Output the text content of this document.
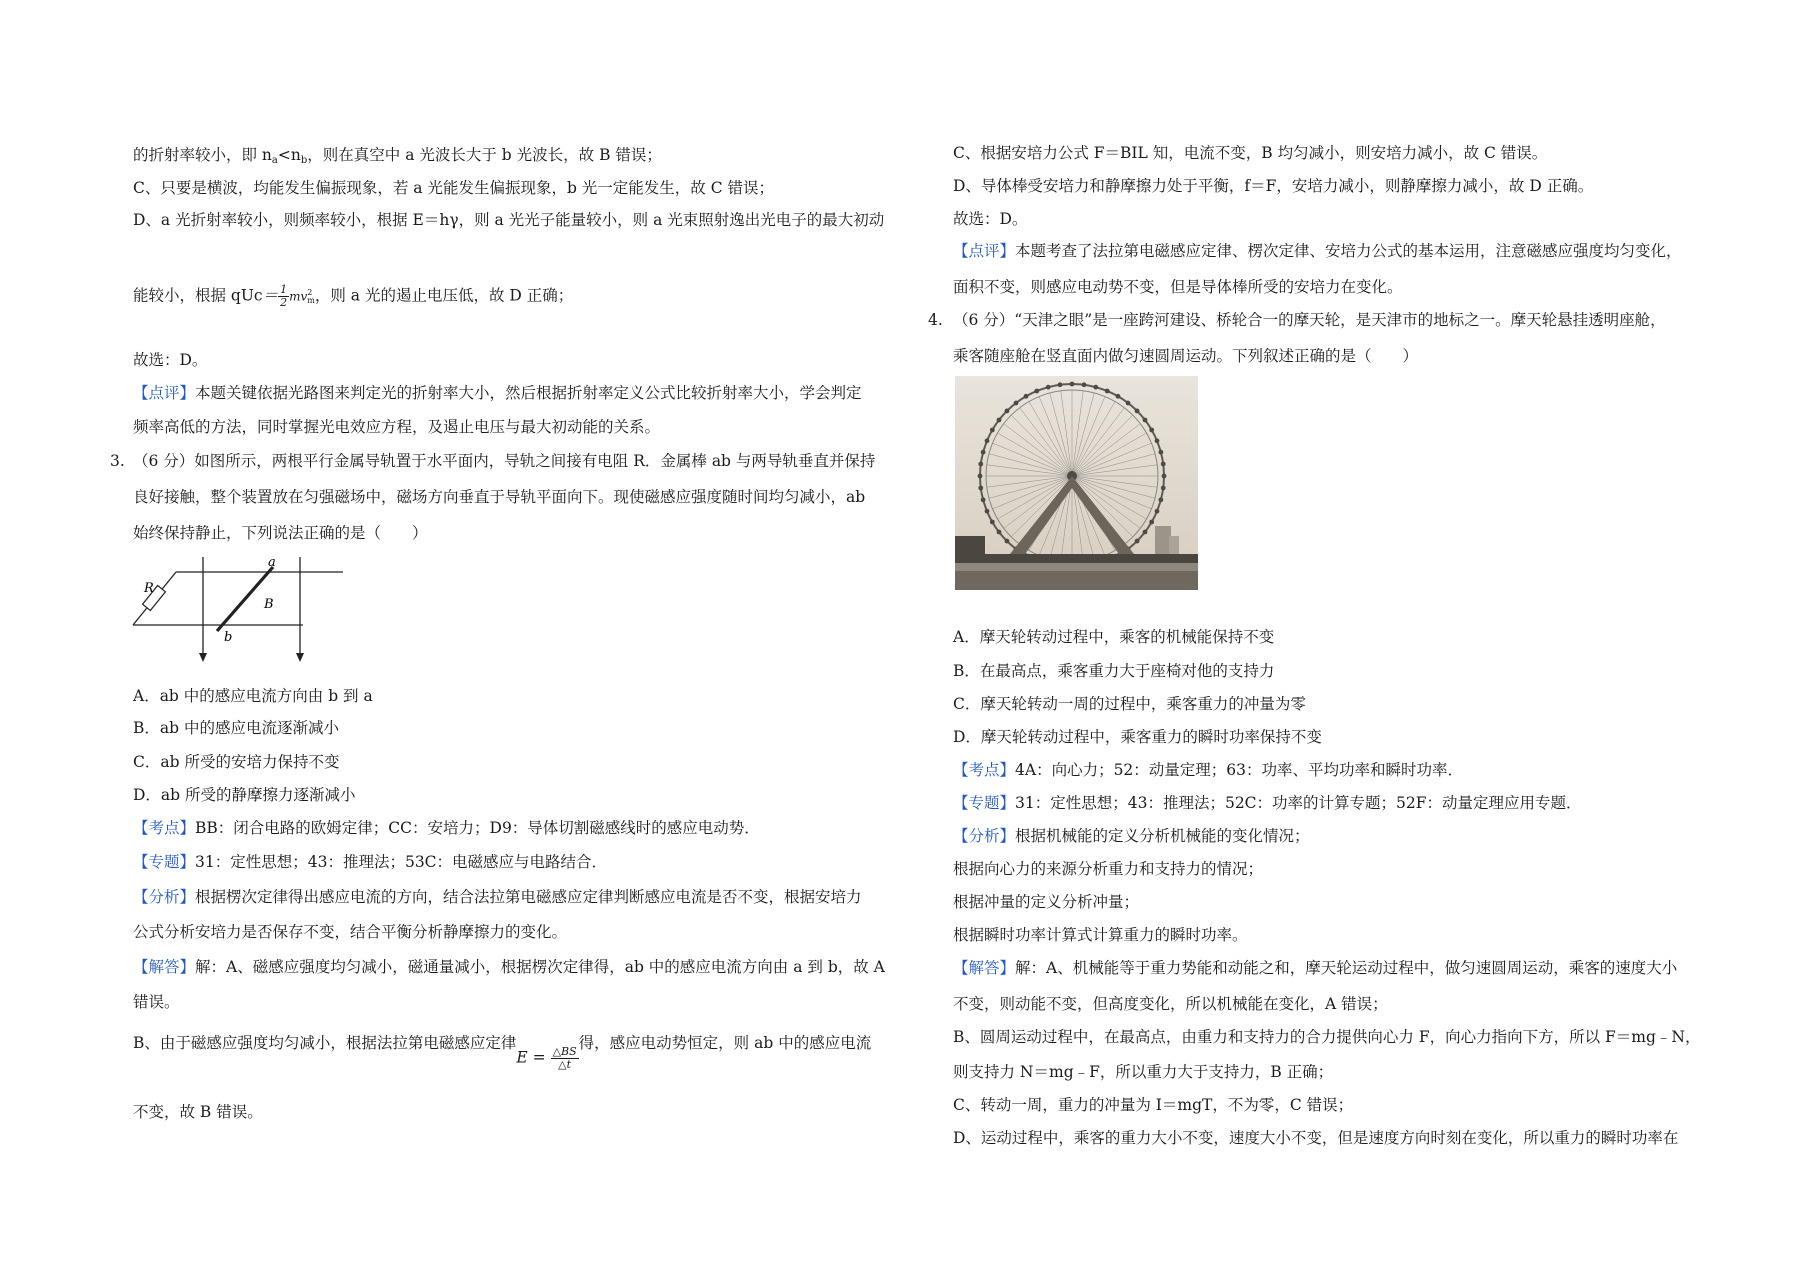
的折射率较小，即 $n_a<n_b$，则在真空中 a 光波长大于 b 光波长，故 B 错误；
C、只要是横波，均能发生偏振现象，若 a 光能发生偏振现象，b 光一定能发生，故 C 错误；
D、a 光折射率较小，则频率较小，根据 E＝hγ，则 a 光光子能量较小，则 a 光束照射逸出光电子的最大初动
能较小，根据 $qUc= \frac{1}{2}$ mv 2
m ，则 a 光的遏止电压低，故 D 正确；
故选：D。
【点评】本题关键依据光路图来判定光的折射率大小，然后根据折射率定义公式比较折射率大小，学会判定
频率高低的方法，同时掌握光电效应方程，及遏止电压与最大初动能的关系。
3. （6 分）如图所示，两根平行金属导轨置于水平面内，导轨之间接有电阻 R．金属棒 ab 与两导轨垂直并保持
良好接触，整个装置放在匀强磁场中，磁场方向垂直于导轨平面向下。现使磁感应强度随时间均匀减小，ab
始终保持静止，下列说法正确的是（　　）
R
a
B
b
A．ab 中的感应电流方向由 b 到 a
B．ab 中的感应电流逐渐减小
C．ab 所受的安培力保持不变
D．ab 所受的静摩擦力逐渐减小
【考点】BB：闭合电路的欧姆定律；CC：安培力；D9：导体切割磁感线时的感应电动势．
【专题】31：定性思想；43：推理法；53C：电磁感应与电路结合．
【分析】根据楞次定律得出感应电流的方向，结合法拉第电磁感应定律判断感应电流是否不变，根据安培力
公式分析安培力是否保存不变，结合平衡分析静摩擦力的变化。
【解答】解：A、磁感应强度均匀减小，磁通量减小，根据楞次定律得，ab 中的感应电流方向由 a 到 b，故 A
错误。
B、由于磁感应强度均匀减小，根据法拉第电磁感应定律$E = \frac{\triangle BS}{\triangle t}$
得，感应电动势恒定，则 ab 中的感应电流
不变，故 B 错误。
C、根据安培力公式 F＝BIL 知，电流不变，B 均匀减小，则安培力减小，故 C 错误。
D、导体棒受安培力和静摩擦力处于平衡，f＝F，安培力减小，则静摩擦力减小，故 D 正确。
故选：D。
【点评】本题考查了法拉第电磁感应定律、楞次定律、安培力公式的基本运用，注意磁感应强度均匀变化，
面积不变，则感应电动势不变，但是导体棒所受的安培力在变化。
4. （6 分）“天津之眼”是一座跨河建设、桥轮合一的摩天轮，是天津市的地标之一。摩天轮悬挂透明座舱，
乘客随座舱在竖直面内做匀速圆周运动。下列叙述正确的是（　　）
A．摩天轮转动过程中，乘客的机械能保持不变
B．在最高点，乘客重力大于座椅对他的支持力
C．摩天轮转动一周的过程中，乘客重力的冲量为零
D．摩天轮转动过程中，乘客重力的瞬时功率保持不变
【考点】4A：向心力；52：动量定理；63：功率、平均功率和瞬时功率．
【专题】31：定性思想；43：推理法；52C：功率的计算专题；52F：动量定理应用专题．
【分析】根据机械能的定义分析机械能的变化情况；
根据向心力的来源分析重力和支持力的情况；
根据冲量的定义分析冲量；
根据瞬时功率计算式计算重力的瞬时功率。
【解答】解：A、机械能等于重力势能和动能之和，摩天轮运动过程中，做匀速圆周运动，乘客的速度大小
不变，则动能不变，但高度变化，所以机械能在变化，A 错误；
B、圆周运动过程中，在最高点，由重力和支持力的合力提供向心力 F，向心力指向下方，所以 F＝mg﹣N，
则支持力 N＝mg﹣F，所以重力大于支持力，B 正确；
C、转动一周，重力的冲量为 I＝mgT，不为零，C 错误；
D、运动过程中，乘客的重力大小不变，速度大小不变，但是速度方向时刻在变化，所以重力的瞬时功率在
